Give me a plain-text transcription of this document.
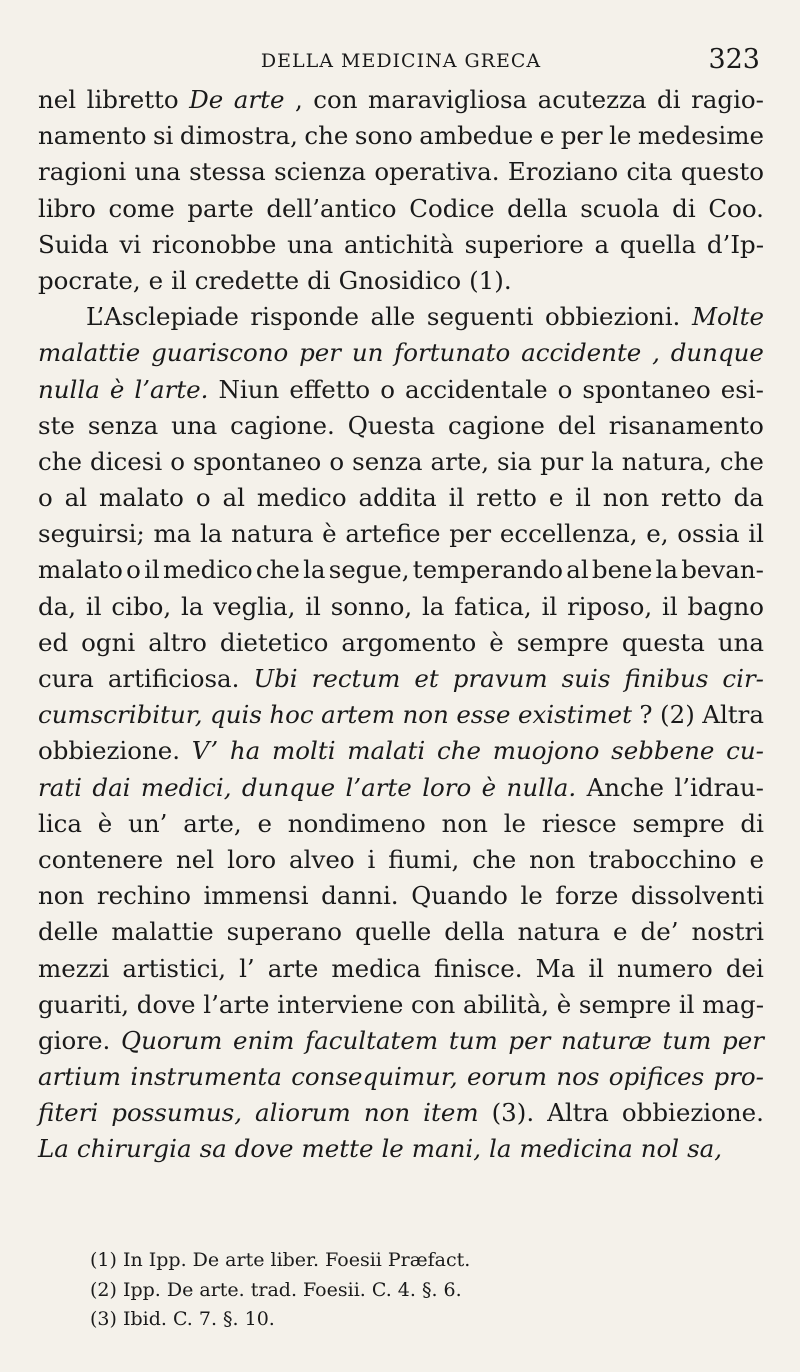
DELLA MEDICINA GRECA	323
nel libretto De arte , con maravigliosa acutezza di ragio-
namento si dimostra, che sono ambedue e per le medesime
ragioni una stessa scienza operativa. Eroziano cita questo
libro come parte dell’antico Codice della scuola di Coo.
Suida vi riconobbe una antichità superiore a quella d’Ip-
pocrate, e il credette di Gnosidico (1).
L’Asclepiade risponde alle seguenti obbiezioni. Molte
malattie guariscono per un fortunato accidente , dunque
nulla è l’arte. Niun effetto o accidentale o spontaneo esi-
ste senza una cagione. Questa cagione del risanamento
che dicesi o spontaneo o senza arte, sia pur la natura, che
o al malato o al medico addita il retto e il non retto da
seguirsi; ma la natura è artefice per eccellenza, e, ossia il
malato o il medico che la segue, temperando al bene la bevan-
da, il cibo, la veglia, il sonno, la fatica, il riposo, il bagno
ed ogni altro dietetico argomento è sempre questa una
cura artificiosa. Ubi rectum et pravum suis finibus cir-
cumscribitur, quis hoc artem non esse existimet ? (2) Altra
obbiezione. V’ ha molti malati che muojono sebbene cu-
rati dai medici, dunque l’arte loro è nulla. Anche l’idrau-
lica è un’ arte, e nondimeno non le riesce sempre di
contenere nel loro alveo i fiumi, che non trabocchino e
non rechino immensi danni. Quando le forze dissolventi
delle malattie superano quelle della natura e de’ nostri
mezzi artistici, l’ arte medica finisce. Ma il numero dei
guariti, dove l’arte interviene con abilità, è sempre il mag-
giore. Quorum enim facultatem tum per naturæ tum per
artium instrumenta consequimur, eorum nos opifices pro-
fiteri possumus, aliorum non item (3). Altra obbiezione.
La chirurgia sa dove mette le mani, la medicina nol sa,
(1) In Ipp. De arte liber. Foesii Præfact.
(2) Ipp. De arte. trad. Foesii. C. 4. §. 6.
(3) Ibid. C. 7. §. 10.
